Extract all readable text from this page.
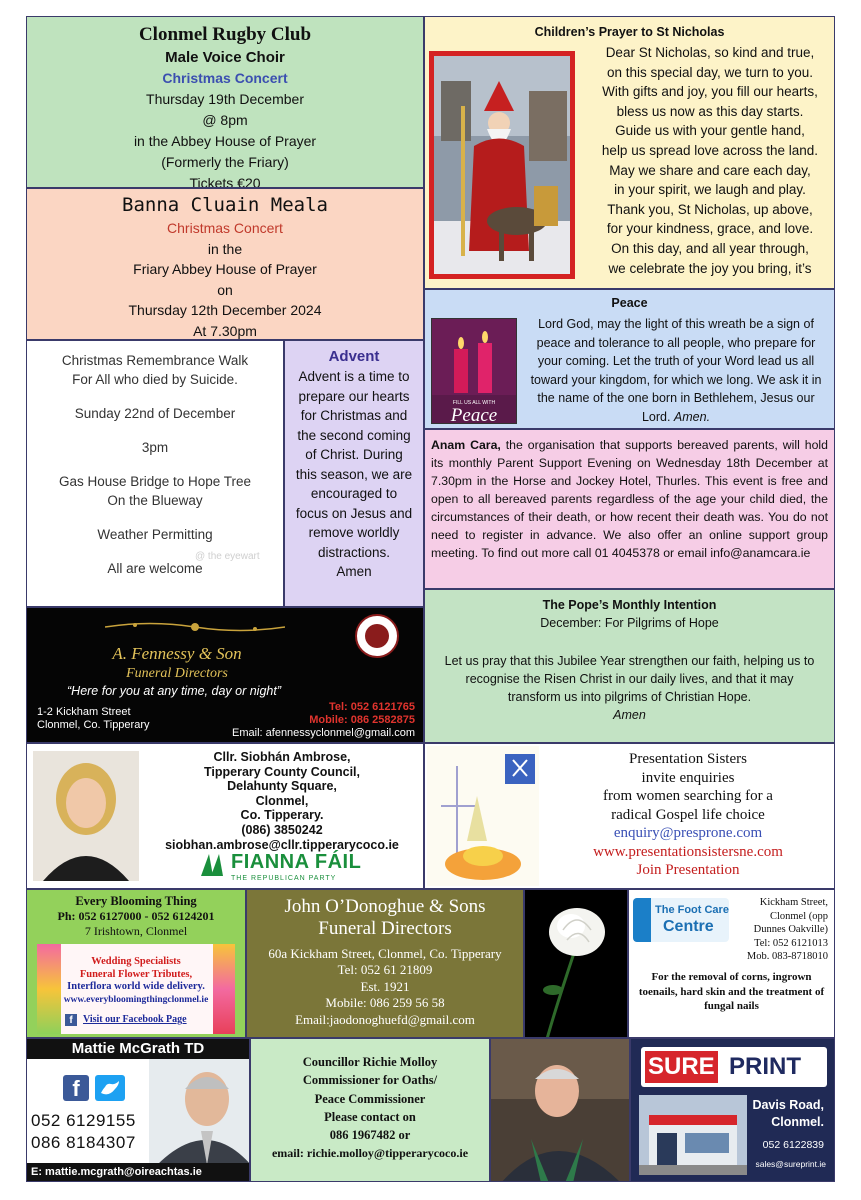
Clonmel Rugby Club
Male Voice Choir
Christmas Concert
Thursday 19th December
@ 8pm
in the Abbey House of Prayer
(Formerly the Friary)
Tickets €20
Banna Cluain Meala
Christmas Concert
in the
Friary Abbey House of Prayer
on
Thursday 12th December 2024
At 7.30pm
Christmas Remembrance Walk
For All who died by Suicide.
Sunday 22nd of December
3pm
Gas House Bridge to Hope Tree
On the Blueway
Weather Permitting
All are welcome
@ the eyewart
Advent
Advent is a time to
prepare our hearts
for Christmas and
the second coming
of Christ. During
this season, we are
encouraged to
focus on Jesus and
remove worldly
distractions.
Amen
Children’s Prayer to St Nicholas
Dear St Nicholas, so kind and true,
on this special day, we turn to you.
With gifts and joy, you fill our hearts,
bless us now as this day starts.
Guide us with your gentle hand,
help us spread love across the land.
May we share and care each day,
in your spirit, we laugh and play.
Thank you, St Nicholas, up above,
for your kindness, grace, and love.
On this day, and all year through,
we celebrate the joy you bring, it’s
Peace
FILL US ALL WITH
Peace
Lord God, may the light of this wreath be a sign of peace and tolerance to all people, who prepare for your coming. Let the truth of your Word lead us all toward your kingdom, for which we long. We ask it in the name of the one born in Bethlehem, Jesus our Lord. Amen.

Anam Cara, the organisation that supports bereaved parents, will hold its monthly Parent Support Evening on Wednesday 18th December at 7.30pm in the Horse and Jockey Hotel, Thurles. This event is free and open to all bereaved parents regardless of the age your child died, the circumstances of their death, or how recent their death was. You do not need to register in advance. We also offer an online support group meeting. To find out more call 01 4045378 or email info@anamcara.ie

The Pope’s Monthly Intention
December: For Pilgrims of Hope
Let us pray that this Jubilee Year strengthen our faith, helping us to
recognise the Risen Christ in our daily lives, and that it may
transform us into pilgrims of Christian Hope.
Amen
A. Fennessy & Son
Funeral Directors
“Here for you at any time, day or night”
1-2 Kickham Street
Clonmel, Co. Tipperary
Tel: 052 6121765
Mobile: 086 2582875
Email: afennessyclonmel@gmail.com
Cllr. Siobhán Ambrose,
Tipperary County Council,
Delahunty Square,
Clonmel,
Co. Tipperary.
(086) 3850242
siobhan.ambrose@cllr.tipperarycoco.ie
FIANNA FÁIL
THE REPUBLICAN PARTY
Presentation Sisters
invite enquiries
from women searching for a
radical Gospel life choice
enquiry@presprone.com
www.presentationsistersne.com
Join Presentation
Every Blooming Thing
Ph: 052 6127000 - 052 6124201
7 Irishtown, Clonmel
Wedding Specialists
Funeral Flower Tributes,
Interflora world wide delivery.
www.everybloomingthingclonmel.ie
f	Visit our Facebook Page
John O’Donoghue & Sons
Funeral Directors
60a Kickham Street, Clonmel, Co. Tipperary
Tel: 052 61 21809
Est. 1921
Mobile: 086 259 56 58
Email:jaodonoghuefd@gmail.com
The Foot Care
Centre
Kickham Street,
Clonmel (opp
Dunnes Oakville)
Tel: 052 6121013
Mob. 083-8718010
For the removal of corns, ingrown toenails, hard skin and the treatment of fungal nails
Mattie McGrath TD
f
052 6129155
086 8184307
E: mattie.mcgrath@oireachtas.ie
Councillor Richie Molloy
Commissioner for Oaths/
Peace Commissioner
Please contact on
086 1967482 or
email: richie.molloy@tipperarycoco.ie
SURE PRINT
Davis Road,
Clonmel.
052 6122839
sales@sureprint.ie
